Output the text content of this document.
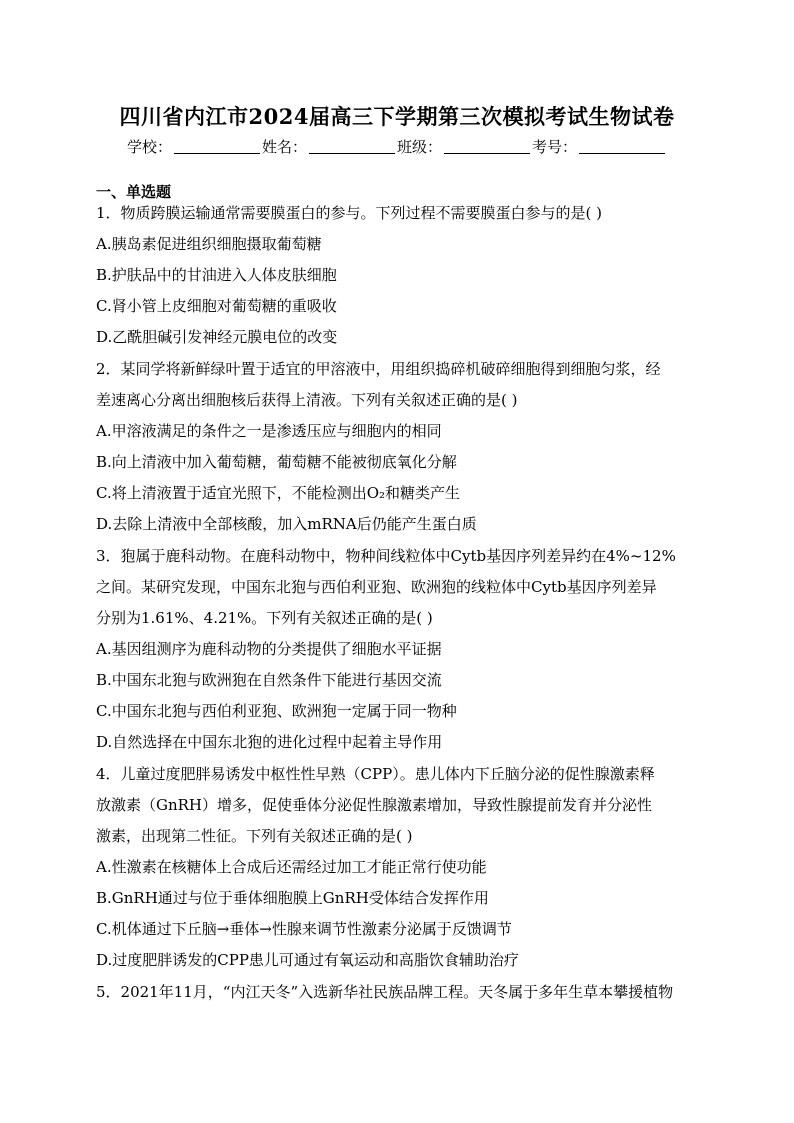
四川省内江市2024届高三下学期第三次模拟考试生物试卷
学校：	姓名：	班级：	考号：
一、单选题
1．物质跨膜运输通常需要膜蛋白的参与。下列过程不需要膜蛋白参与的是( )
A.胰岛素促进组织细胞摄取葡萄糖
B.护肤品中的甘油进入人体皮肤细胞
C.肾小管上皮细胞对葡萄糖的重吸收
D.乙酰胆碱引发神经元膜电位的改变
2．某同学将新鲜绿叶置于适宜的甲溶液中，用组织捣碎机破碎细胞得到细胞匀浆，经
差速离心分离出细胞核后获得上清液。下列有关叙述正确的是( )
A.甲溶液满足的条件之一是渗透压应与细胞内的相同
B.向上清液中加入葡萄糖，葡萄糖不能被彻底氧化分解
C.将上清液置于适宜光照下，不能检测出O₂和糖类产生
D.去除上清液中全部核酸，加入mRNA后仍能产生蛋白质
3．狍属于鹿科动物。在鹿科动物中，物种间线粒体中Cytb基因序列差异约在4%~12%
之间。某研究发现，中国东北狍与西伯利亚狍、欧洲狍的线粒体中Cytb基因序列差异
分别为1.61%、4.21%。下列有关叙述正确的是( )
A.基因组测序为鹿科动物的分类提供了细胞水平证据
B.中国东北狍与欧洲狍在自然条件下能进行基因交流
C.中国东北狍与西伯利亚狍、欧洲狍一定属于同一物种
D.自然选择在中国东北狍的进化过程中起着主导作用
4．儿童过度肥胖易诱发中枢性性早熟（CPP）。患儿体内下丘脑分泌的促性腺激素释
放激素（GnRH）增多，促使垂体分泌促性腺激素增加，导致性腺提前发育并分泌性
激素，出现第二性征。下列有关叙述正确的是( )
A.性激素在核糖体上合成后还需经过加工才能正常行使功能
B.GnRH通过与位于垂体细胞膜上GnRH受体结合发挥作用
C.机体通过下丘脑→垂体→性腺来调节性激素分泌属于反馈调节
D.过度肥胖诱发的CPP患儿可通过有氧运动和高脂饮食辅助治疗
5．2021年11月，“内江天冬”入选新华社民族品牌工程。天冬属于多年生草本攀援植物
